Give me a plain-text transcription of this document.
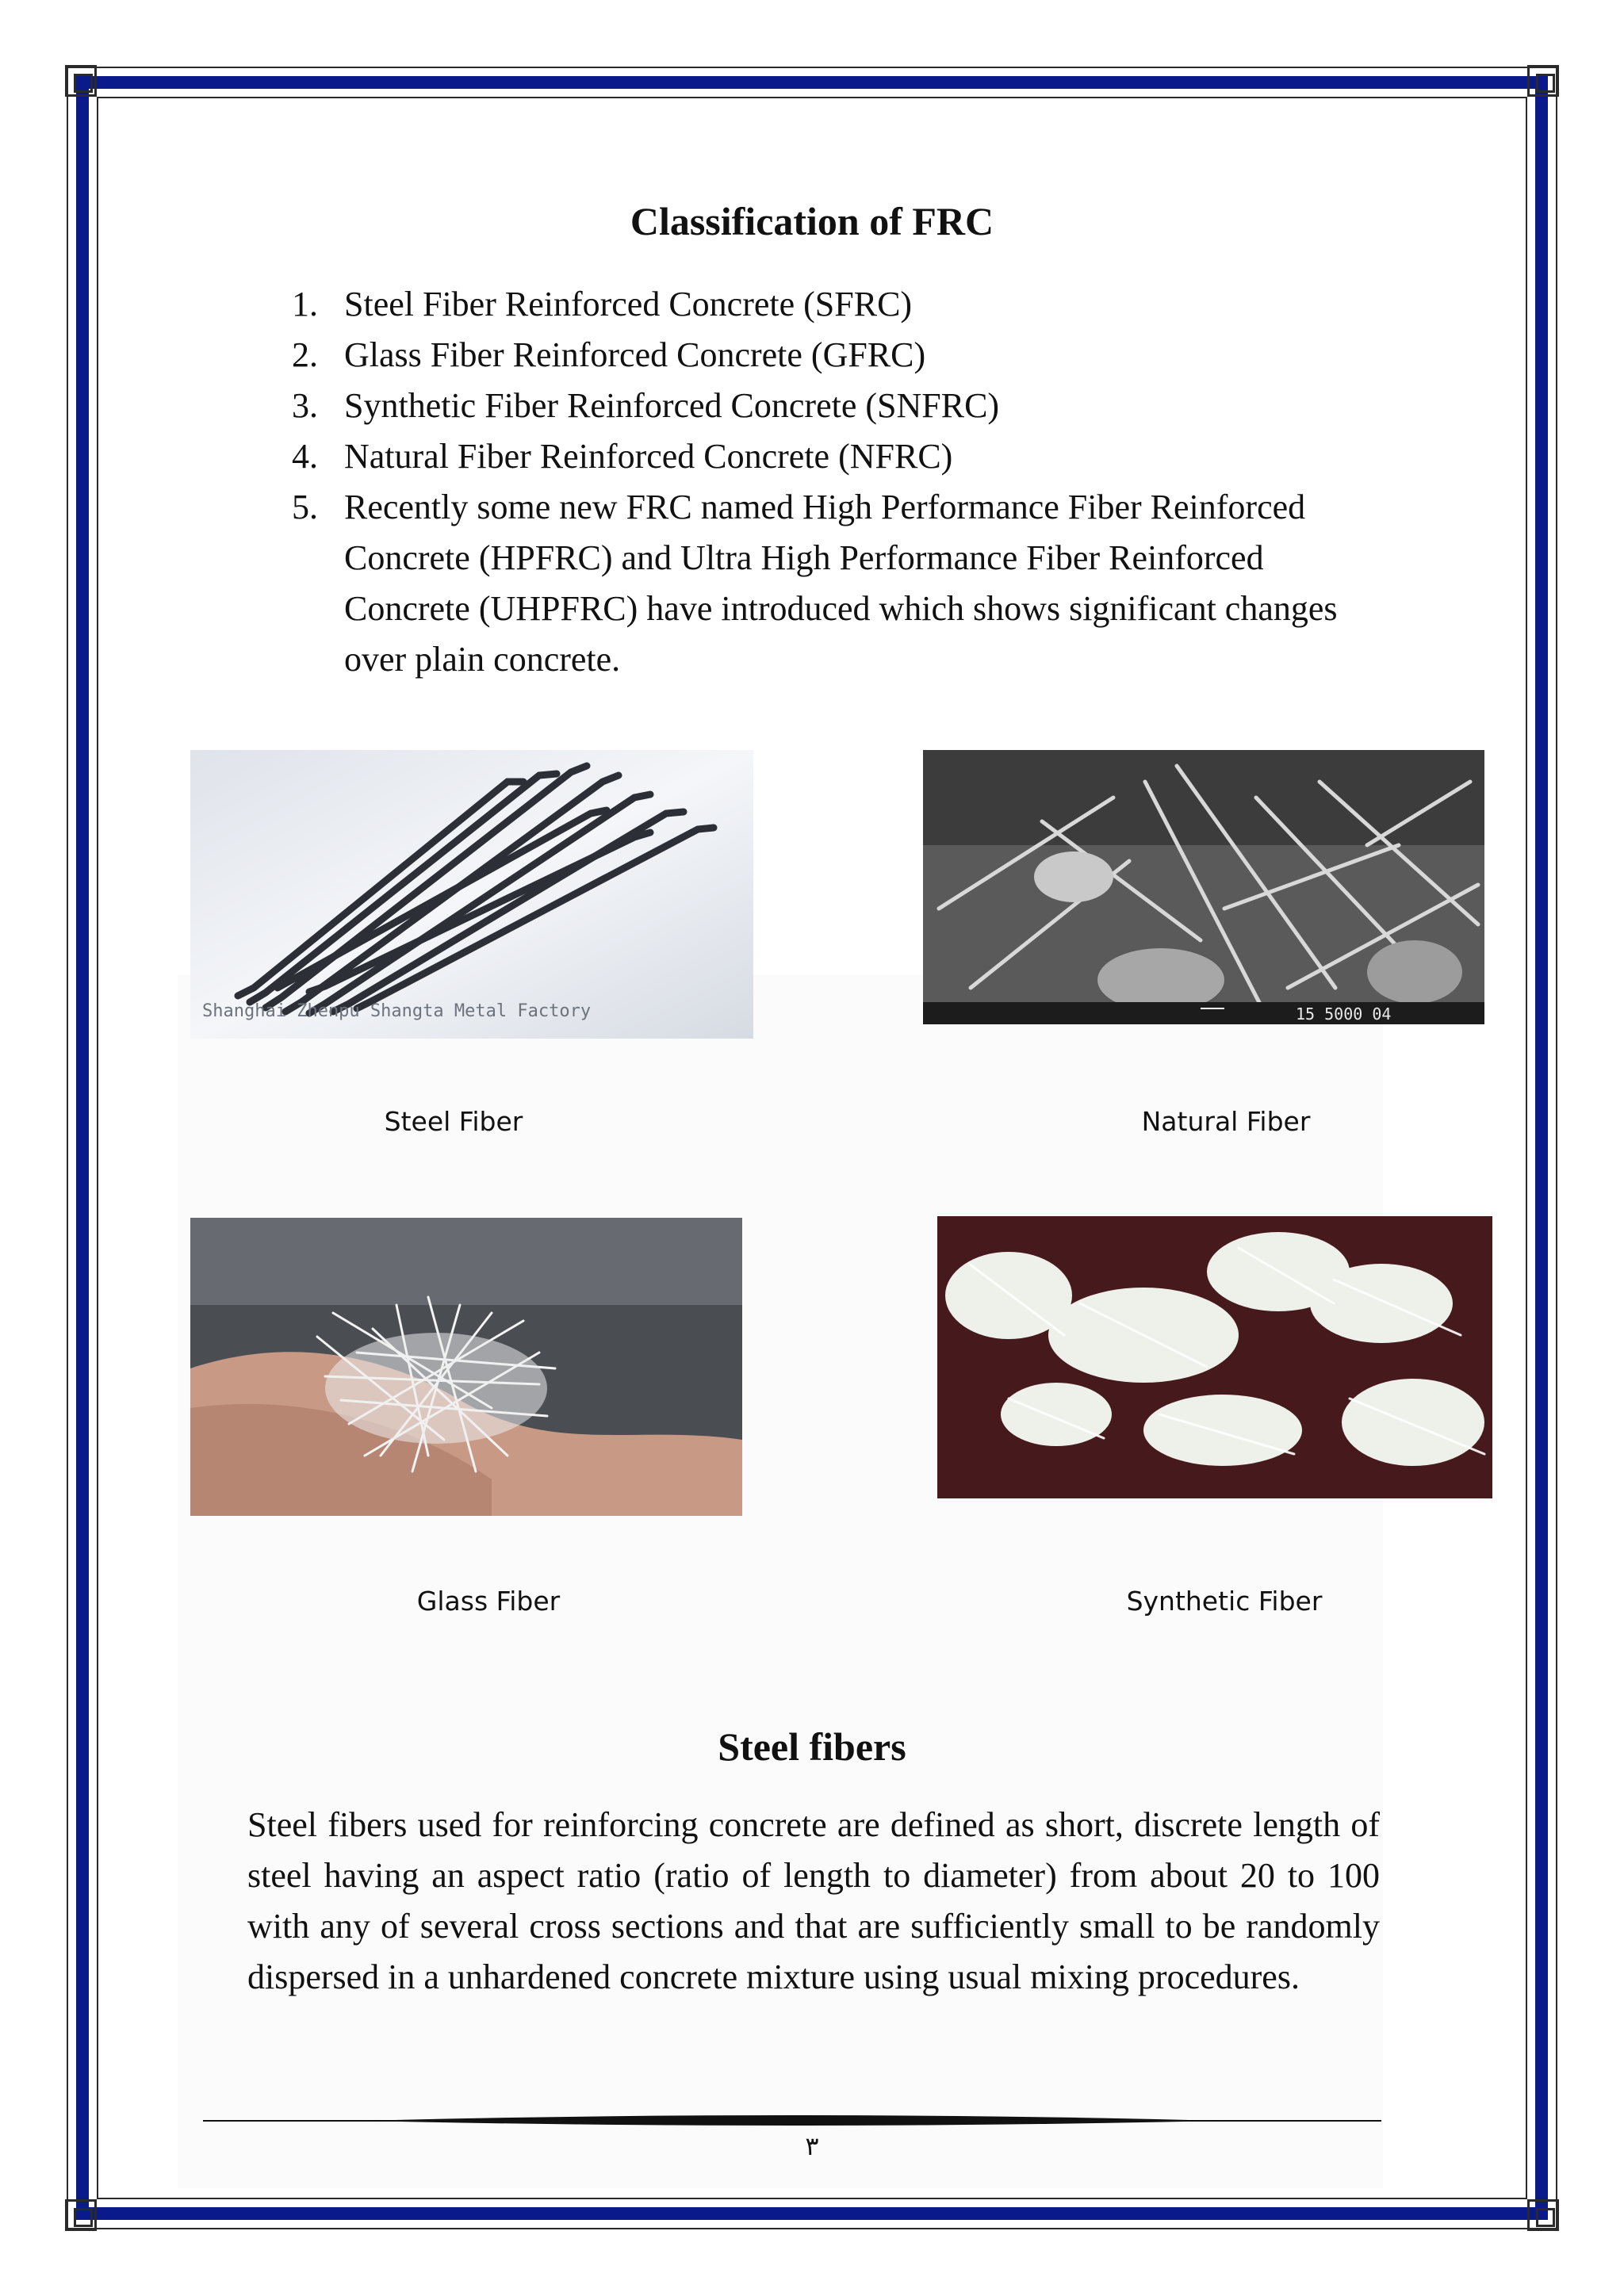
Classification of FRC
1. Steel Fiber Reinforced Concrete (SFRC)
2. Glass Fiber Reinforced Concrete (GFRC)
3. Synthetic Fiber Reinforced Concrete (SNFRC)
4. Natural Fiber Reinforced Concrete (NFRC)
5. Recently some new FRC named High Performance Fiber Reinforced Concrete (HPFRC) and Ultra High Performance Fiber Reinforced Concrete (UHPFRC) have introduced which shows significant changes over plain concrete.
Shanghai Zhenpu Shangta Metal Factory	15 5000 04
Steel Fiber	Natural Fiber
Glass Fiber	Synthetic Fiber
Steel fibers

Steel fibers used for reinforcing concrete are defined as short, discrete length of steel having an aspect ratio (ratio of length to diameter) from about 20 to 100 with any of several cross sections and that are sufficiently small to be randomly dispersed in a unhardened concrete mixture using usual mixing procedures.

٣
